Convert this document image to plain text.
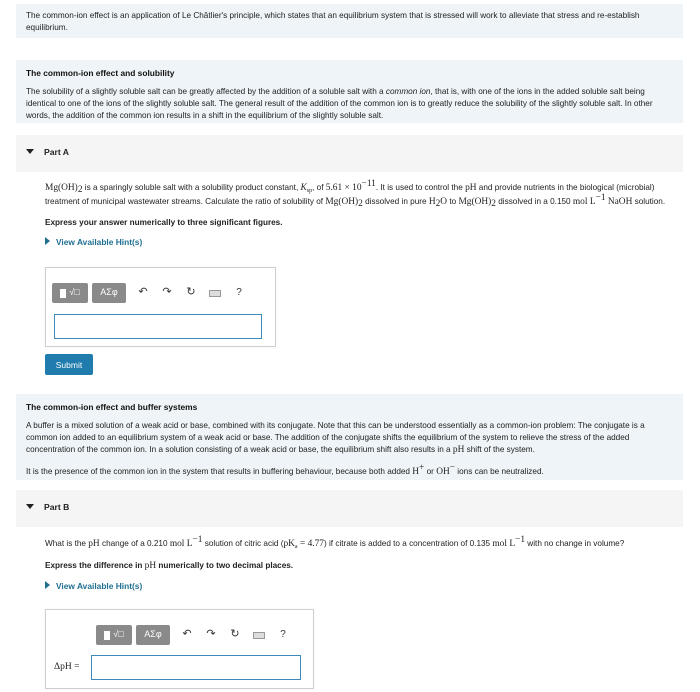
The common-ion effect is an application of Le Châtlier's principle, which states that an equilibrium system that is stressed will work to alleviate that stress and re-establish equilibrium.
The common-ion effect and solubility

The solubility of a slightly soluble salt can be greatly affected by the addition of a soluble salt with a common ion, that is, with one of the ions in the added soluble salt being identical to one of the ions of the slightly soluble salt. The general result of the addition of the common ion is to greatly reduce the solubility of the slightly soluble salt. In other words, the addition of the common ion results in a shift in the equilibrium of the slightly soluble salt.

Part A

$Mg(OH)_2$ is a sparingly soluble salt with a solubility product constant, $K_{sp}$, of $5.61 \times 10^{-11}$. It is used to control the pH and provide nutrients in the biological (microbial) treatment of municipal wastewater streams. Calculate the ratio of solubility of $Mg(OH)_2$ dissolved in pure $H_2O$ to $Mg(OH)_2$ dissolved in a 0.150 mol $L^{-1}$ NaOH solution.

Express your answer numerically to three significant figures.

View Available Hint(s)

√□	ΑΣφ	↶	↷	↻	?
Submit
The common-ion effect and buffer systems

A buffer is a mixed solution of a weak acid or base, combined with its conjugate. Note that this can be understood essentially as a common-ion problem: The conjugate is a common ion added to an equilibrium system of a weak acid or base. The addition of the conjugate shifts the equilibrium of the system to relieve the stress of the added concentration of the common ion. In a solution consisting of a weak acid or base, the equilibrium shift also results in a pH shift of the system.

It is the presence of the common ion in the system that results in buffering behaviour, because both added H+ or OH− ions can be neutralized.

Part B

What is the pH change of a 0.210 mol $L^{-1}$ solution of citric acid $(pK_a = 4.77)$ if citrate is added to a concentration of 0.135 mol $L^{-1}$ with no change in volume?

Express the difference in pH numerically to two decimal places.

View Available Hint(s)

√□	ΑΣφ	↶	↷	↻	?
ΔpH =
